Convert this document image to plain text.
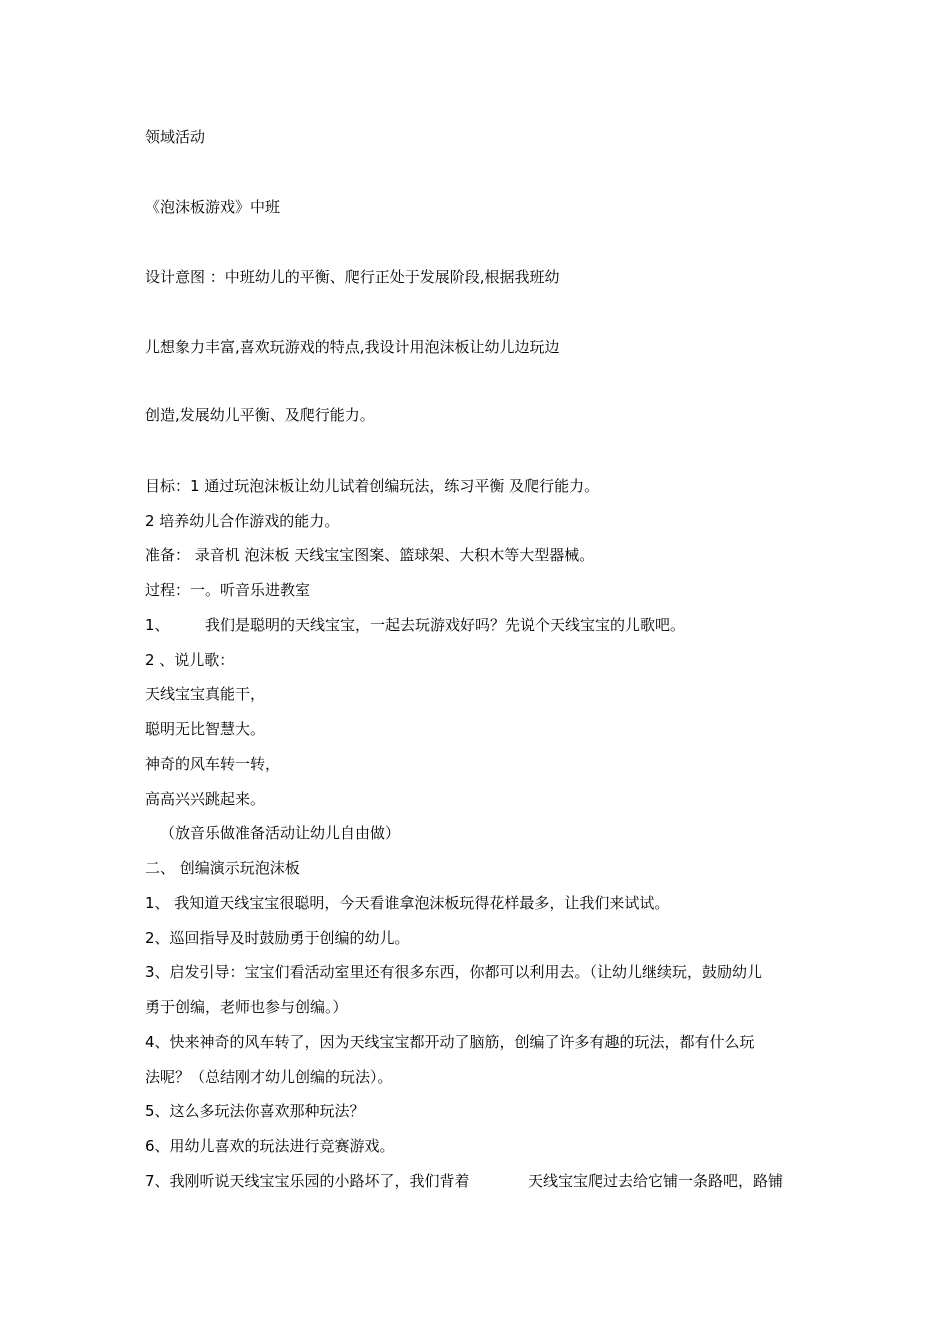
领域活动
《泡沫板游戏》中班
设计意图 ：中班幼儿的平衡、爬行正处于发展阶段,根据我班幼
儿想象力丰富,喜欢玩游戏的特点,我设计用泡沫板让幼儿边玩边
创造,发展幼儿平衡、及爬行能力。
目标：1 通过玩泡沫板让幼儿试着创编玩法，练习平衡 及爬行能力。
2 培养幼儿合作游戏的能力。
准备： 录音机 泡沫板 天线宝宝图案、篮球架、大积木等大型器械。
过程：一。听音乐进教室
1、 我们是聪明的天线宝宝，一起去玩游戏好吗？先说个天线宝宝的儿歌吧。
2 、说儿歌：
天线宝宝真能干，
聪明无比智慧大。
神奇的风车转一转，
高高兴兴跳起来。
（放音乐做准备活动让幼儿自由做）
二、 创编演示玩泡沫板
1、 我知道天线宝宝很聪明，今天看谁拿泡沫板玩得花样最多，让我们来试试。
2、巡回指导及时鼓励勇于创编的幼儿。
3、启发引导：宝宝们看活动室里还有很多东西，你都可以利用去。（让幼儿继续玩，鼓励幼儿
勇于创编，老师也参与创编。）
4、快来神奇的风车转了，因为天线宝宝都开动了脑筋，创编了许多有趣的玩法，都有什么玩
法呢？（总结刚才幼儿创编的玩法）。
5、这么多玩法你喜欢那种玩法？
6、用幼儿喜欢的玩法进行竞赛游戏。
7、我刚听说天线宝宝乐园的小路坏了，我们背着	天线宝宝爬过去给它铺一条路吧，路铺
